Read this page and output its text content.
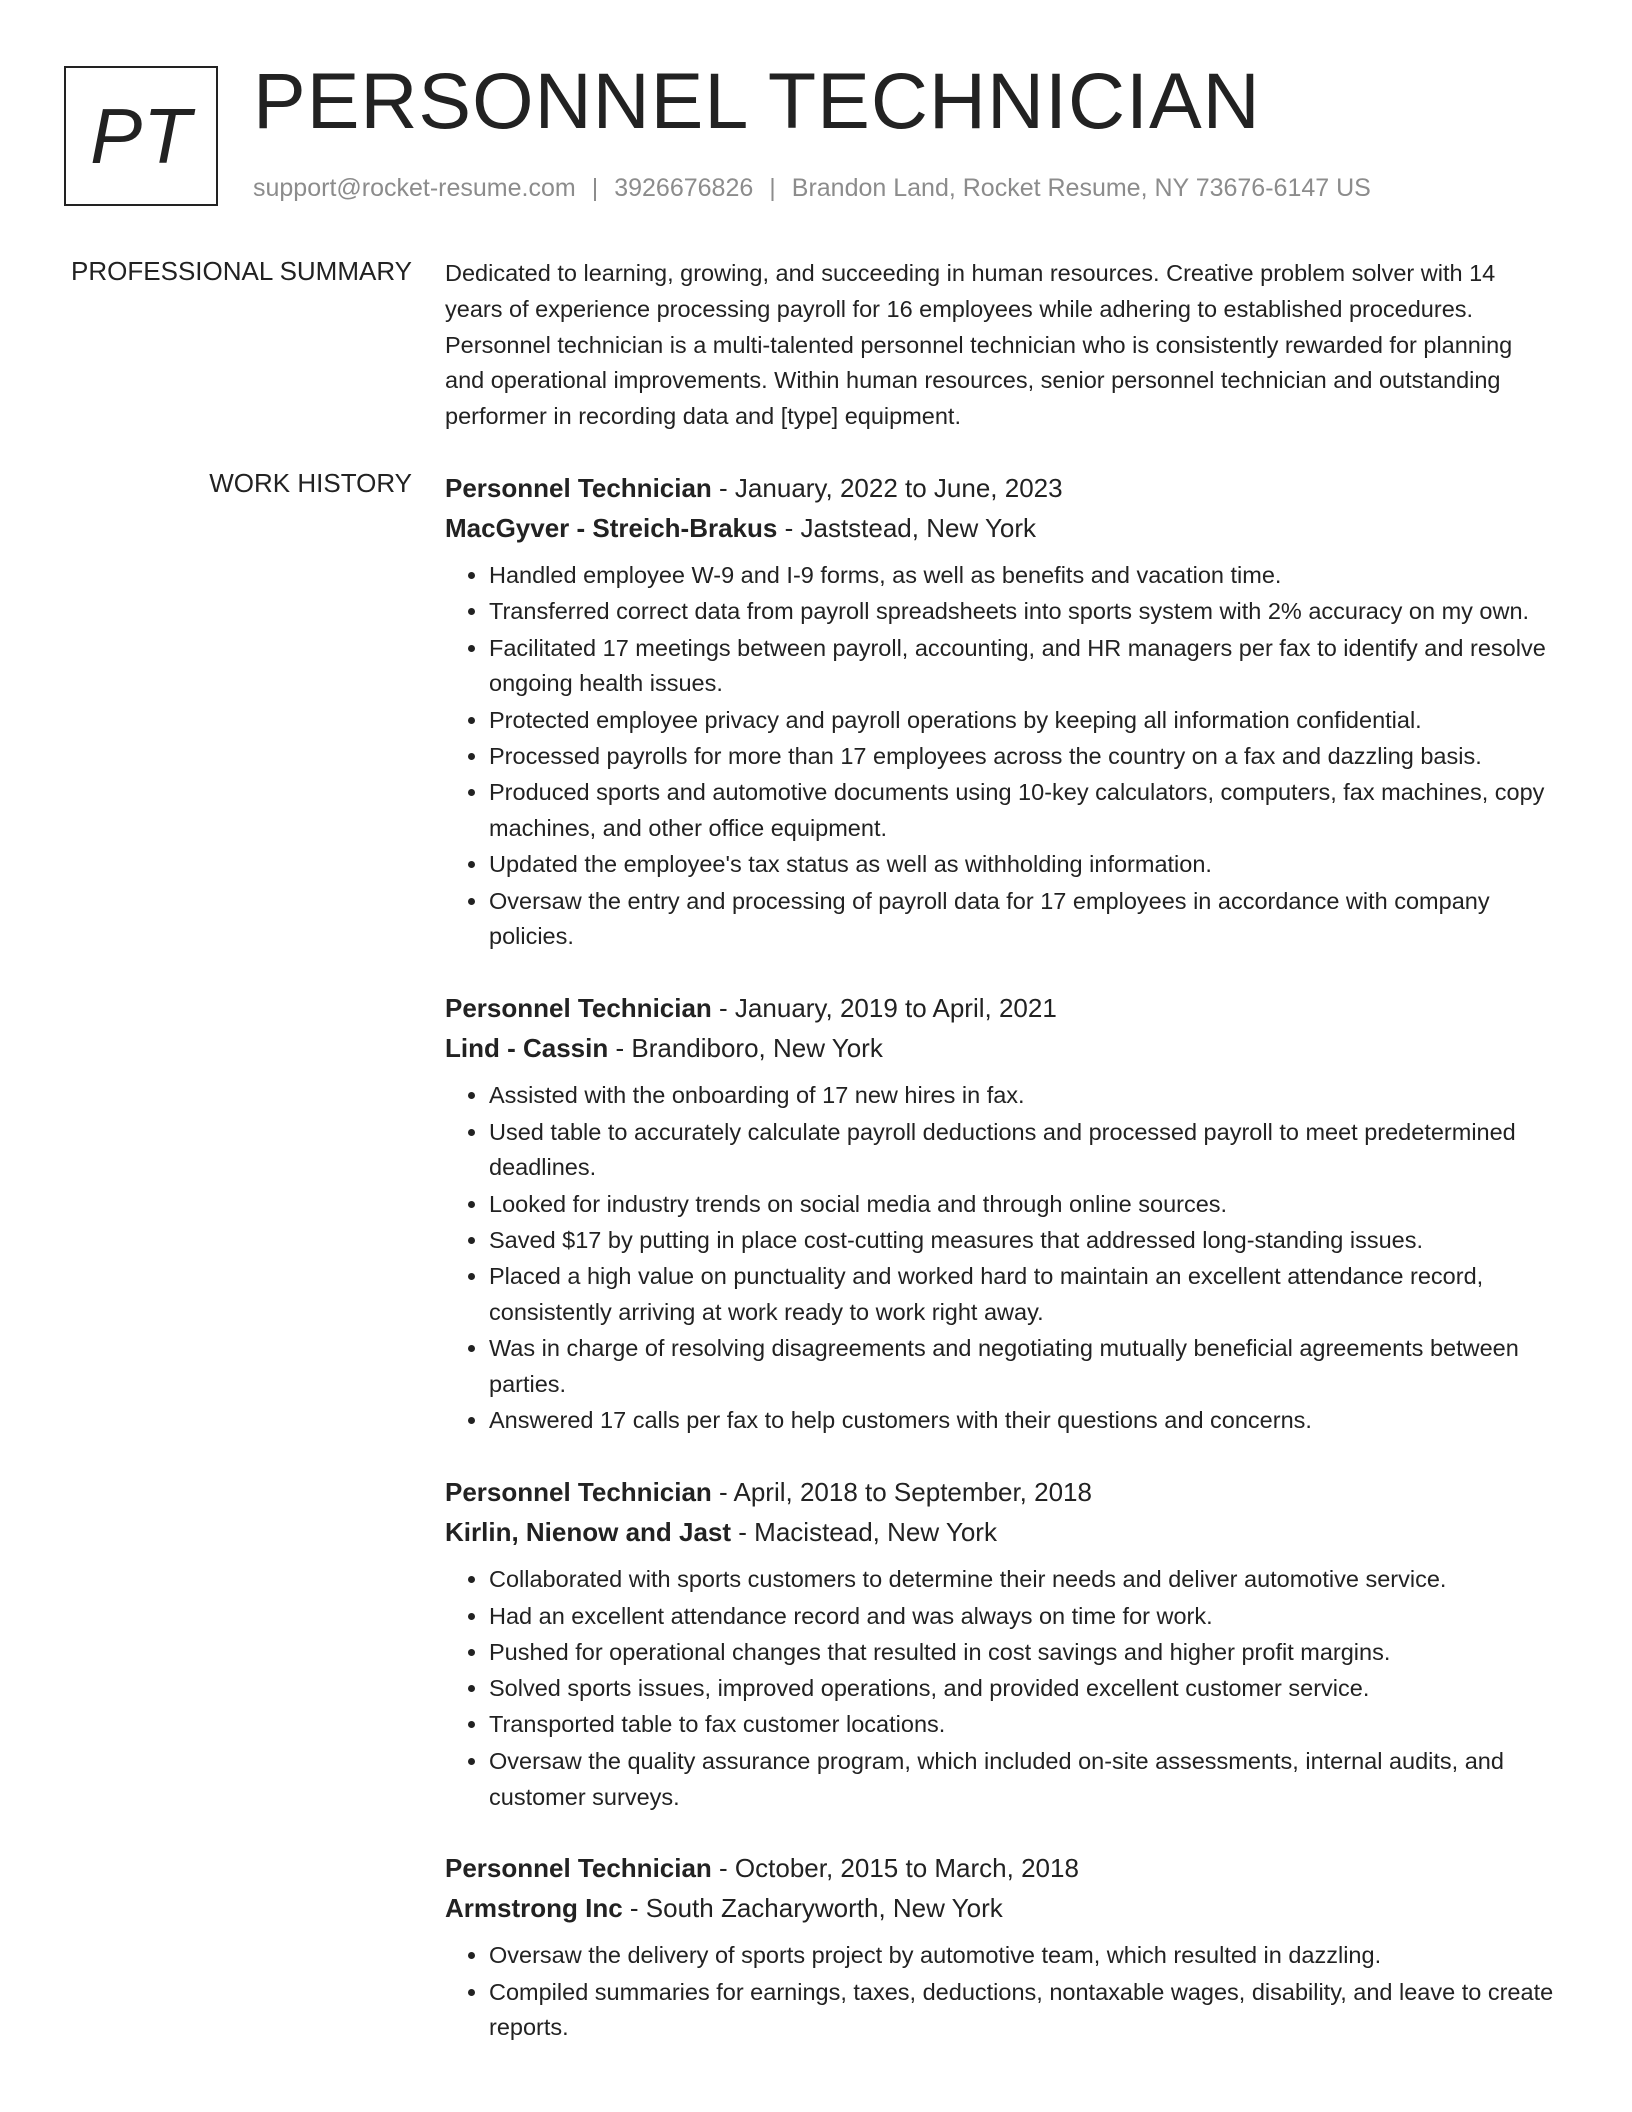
PT PERSONNEL TECHNICIAN
support@rocket-resume.com | 3926676826 | Brandon Land, Rocket Resume, NY 73676-6147 US
PROFESSIONAL SUMMARY Dedicated to learning, growing, and succeeding in human resources. Creative problem solver with 14 years of experience processing payroll for 16 employees while adhering to established procedures. Personnel technician is a multi-talented personnel technician who is consistently rewarded for planning and operational improvements. Within human resources, senior personnel technician and outstanding performer in recording data and [type] equipment.

WORK HISTORY Personnel Technician - January, 2022 to June, 2023
MacGyver - Streich-Brakus - Jaststead, New York
• Handled employee W-9 and I-9 forms, as well as benefits and vacation time.
• Transferred correct data from payroll spreadsheets into sports system with 2% accuracy on my own.
• Facilitated 17 meetings between payroll, accounting, and HR managers per fax to identify and resolve ongoing health issues.
• Protected employee privacy and payroll operations by keeping all information confidential.
• Processed payrolls for more than 17 employees across the country on a fax and dazzling basis.
• Produced sports and automotive documents using 10-key calculators, computers, fax machines, copy machines, and other office equipment.
• Updated the employee's tax status as well as withholding information.
• Oversaw the entry and processing of payroll data for 17 employees in accordance with company policies.
Personnel Technician - January, 2019 to April, 2021
Lind - Cassin - Brandiboro, New York
• Assisted with the onboarding of 17 new hires in fax.
• Used table to accurately calculate payroll deductions and processed payroll to meet predetermined deadlines.
• Looked for industry trends on social media and through online sources.
• Saved $17 by putting in place cost-cutting measures that addressed long-standing issues.
• Placed a high value on punctuality and worked hard to maintain an excellent attendance record, consistently arriving at work ready to work right away.
• Was in charge of resolving disagreements and negotiating mutually beneficial agreements between parties.
• Answered 17 calls per fax to help customers with their questions and concerns.
Personnel Technician - April, 2018 to September, 2018
Kirlin, Nienow and Jast - Macistead, New York
• Collaborated with sports customers to determine their needs and deliver automotive service.
• Had an excellent attendance record and was always on time for work.
• Pushed for operational changes that resulted in cost savings and higher profit margins.
• Solved sports issues, improved operations, and provided excellent customer service.
• Transported table to fax customer locations.
• Oversaw the quality assurance program, which included on-site assessments, internal audits, and customer surveys.
Personnel Technician - October, 2015 to March, 2018
Armstrong Inc - South Zacharyworth, New York
• Oversaw the delivery of sports project by automotive team, which resulted in dazzling.
• Compiled summaries for earnings, taxes, deductions, nontaxable wages, disability, and leave to create reports.
